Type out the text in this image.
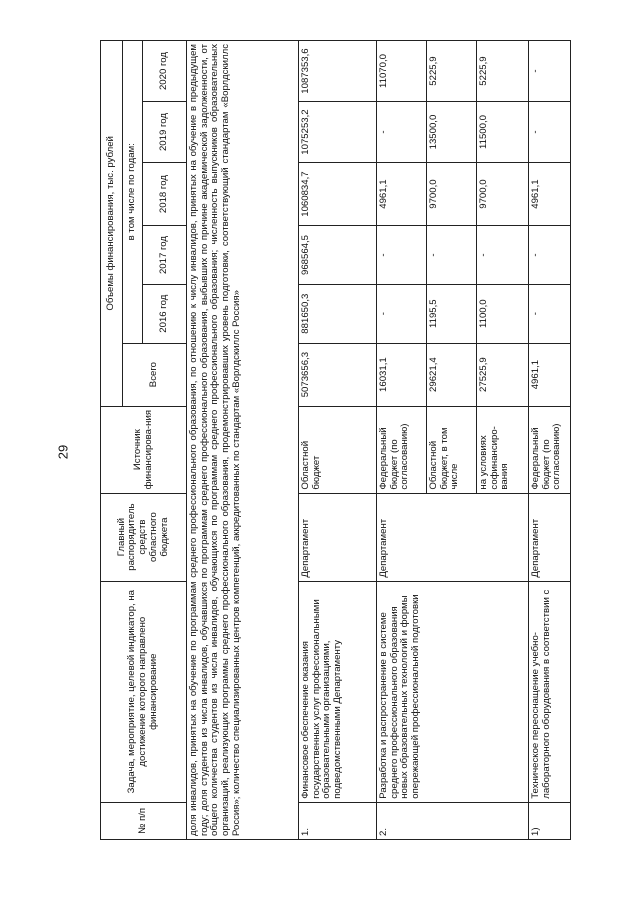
29
№ п/п	Задача, мероприятие, целевой индикатор, на достижение которого направлено финансирование	Главный распорядитель средств областного бюджета	Источник финансирова-ния	Объемы финансирования, тыс. рублей					
				Всего	в том числе по годам:				
					2016 год	2017 год	2018 год	2019 год	2020 год
доля инвалидов, принятых на обучение по программам среднего профессионального образования, по отношению к числу инвалидов, принятых на обучение в предыдущем году; доля студентов из числа инвалидов, обучавшихся по программам среднего профессионального образования, выбывших по причине академической задолженности, от общего количества студентов из числа инвалидов, обучающихся по программам среднего профессионального образования; численность выпускников образовательных организаций, реализующих программы среднего профессионального образования, продемонстрировавших уровень подготовки, соответствующий стандартам «Ворлдскиллс Россия»; количество специализированных центров компетенций, аккредитованных по стандартам «Ворлдскиллс Россия»									
1.	Финансовое обеспечение оказания государственных услуг профессиональными образовательными организациями, подведомственными Департаменту	Департамент	Областной бюджет	5073656,3	881650,3	968564,5	1060834,7	1075253,2	1087353,6
2.	Разработка и распространение в системе среднего профессионального образования новых образовательных технологий и формы опережающей профессиональной подготовки	Департамент	Федеральный бюджет (по согласованию)	16031,1	-	-	4961,1	-	11070,0
			Областной бюджет, в том числе	29621,4	1195,5	-	9700,0	13500,0	5225,9
			на условиях софинансиро-вания	27525,9	1100,0	-	9700,0	11500,0	5225,9
1)	Техническое переоснащение учебно-лабораторного оборудования в соответствии с	Департамент	Федеральный бюджет (по согласованию)	4961,1	-	-	4961,1	-	-
